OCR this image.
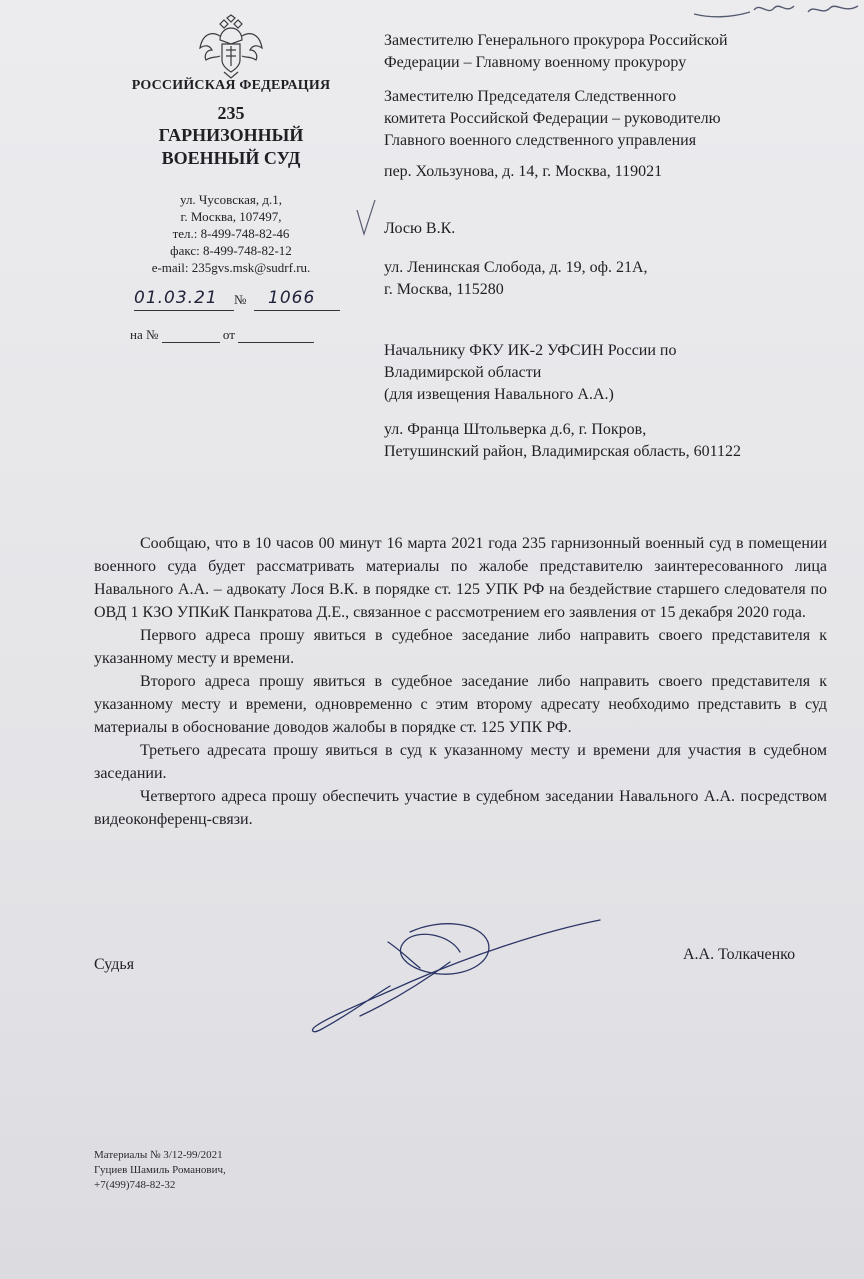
РОССИЙСКАЯ ФЕДЕРАЦИЯ
235
ГАРНИЗОННЫЙ
ВОЕННЫЙ СУД
ул. Чусовская, д.1,
г. Москва, 107497,
тел.: 8-499-748-82-46
факс: 8-499-748-82-12
e-mail: 235gvs.msk@sudrf.ru.
01.03.21	№	1066
на №	от
Заместителю Генерального прокурора Российской
Федерации – Главному военному прокурору
Заместителю Председателя Следственного
комитета Российской Федерации – руководителю
Главного военного следственного управления
пер. Хользунова, д. 14, г. Москва, 119021
Лосю В.К.
ул. Ленинская Слобода, д. 19, оф. 21А,
г. Москва, 115280
Начальнику ФКУ ИК-2 УФСИН России по
Владимирской области
(для извещения Навального А.А.)
ул. Франца Штольверка д.6, г. Покров,
Петушинский район, Владимирская область, 601122

Сообщаю, что в 10 часов 00 минут 16 марта 2021 года 235 гарнизонный военный суд в помещении военного суда будет рассматривать материалы по жалобе представителю заинтересованного лица Навального А.А. – адвокату Лося В.К. в порядке ст. 125 УПК РФ на бездействие старшего следователя по ОВД 1 КЗО УПКиК Панкратова Д.Е., связанное с рассмотрением его заявления от 15 декабря 2020 года.

Первого адреса прошу явиться в судебное заседание либо направить своего представителя к указанному месту и времени.

Второго адреса прошу явиться в судебное заседание либо направить своего представителя к указанному месту и времени, одновременно с этим второму адресату необходимо представить в суд материалы в обоснование доводов жалобы в порядке ст. 125 УПК РФ.

Третьего адресата прошу явиться в суд к указанному месту и времени для участия в судебном заседании.

Четвертого адреса прошу обеспечить участие в судебном заседании Навального А.А. посредством видеоконференц-связи.

Судья
А.А. Толкаченко
Материалы № 3/12-99/2021
Гуциев Шамиль Романович,
+7(499)748-82-32
